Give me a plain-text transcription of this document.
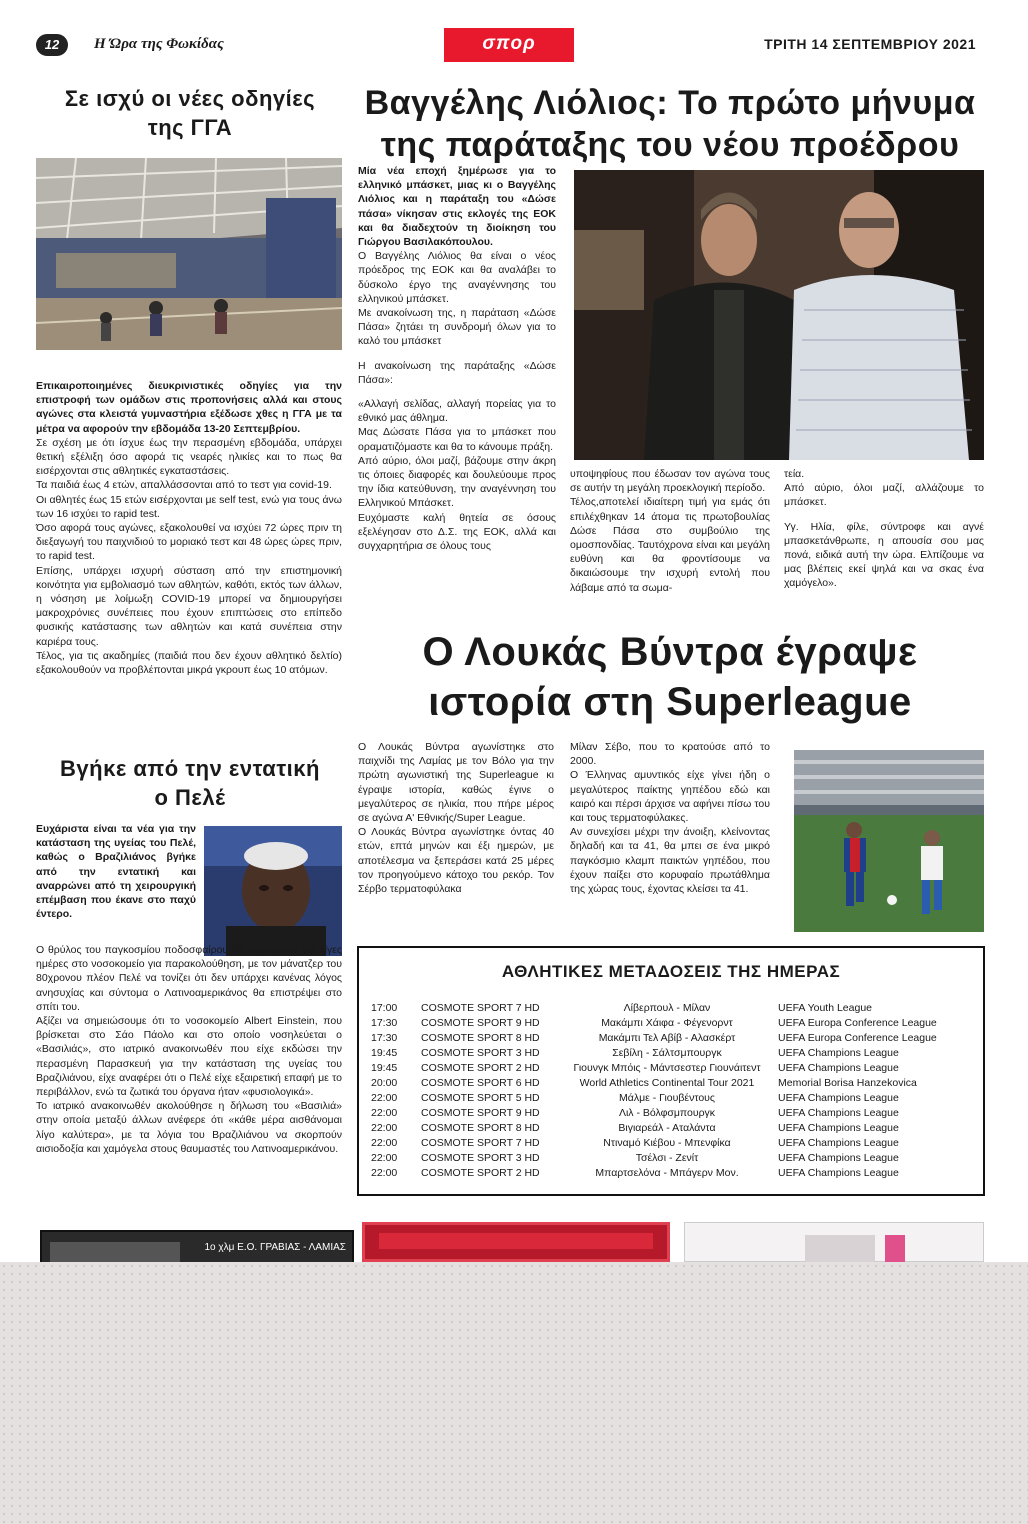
12	Η Ώρα της Φωκίδας	σπορ	ΤΡΙΤΗ 14 ΣΕΠΤΕΜΒΡΙΟΥ 2021
Σε ισχύ οι νέες οδηγίες
της ΓΓΑ

Επικαιροποιημένες διευκρινιστικές οδηγίες για την επιστροφή των ομάδων στις προπονήσεις αλλά και στους αγώνες στα κλειστά γυμναστήρια εξέδωσε χθες η ΓΓΑ με τα μέτρα να αφορούν την εβδομάδα 13-20 Σεπτεμβρίου.

Σε σχέση με ότι ίσχυε έως την περασμένη εβδομάδα, υπάρχει θετική εξέλιξη όσο αφορά τις νεαρές ηλικίες και το πως θα εισέρχονται στις αθλητικές εγκαταστάσεις.

Τα παιδιά έως 4 ετών, απαλλάσσονται από το τεστ για covid-19.

Οι αθλητές έως 15 ετών εισέρχονται με self test, ενώ για τους άνω των 16 ισχύει το rapid test.

Όσο αφορά τους αγώνες, εξακολουθεί να ισχύει 72 ώρες πριν τη διεξαγωγή του παιχνιδιού το μοριακό τεστ και 48 ώρες ώρες πριν, το rapid test.

Επίσης, υπάρχει ισχυρή σύσταση από την επιστημονική κοινότητα για εμβολιασμό των αθλητών, καθότι, εκτός των άλλων, η νόσηση με λοίμωξη COVID-19 μπορεί να δημιουργήσει μακροχρόνιες συνέπειες που έχουν επιπτώσεις στο επίπεδο φυσικής κατάστασης των αθλητών και κατά συνέπεια στην καριέρα τους.

Τέλος, για τις ακαδημίες (παιδιά που δεν έχουν αθλητικό δελτίο) εξακολουθούν να προβλέπονται μικρά γκρουπ έως 10 ατόμων.

Βγήκε από την εντατική
ο Πελέ

Ευχάριστα είναι τα νέα για την κατάσταση της υγείας του Πελέ, καθώς ο Βραζιλιάνος βγήκε από την εντατική και αναρρώνει από τη χειρουργική επέμβαση που έκανε στο παχύ έντερο.

Ο θρύλος του παγκοσμίου ποδοσφαίρου θα παραμείνει για λίγες ημέρες στο νοσοκομείο για παρακολούθηση, με τον μάνατζερ του 80χρονου πλέον Πελέ να τονίζει ότι δεν υπάρχει κανένας λόγος ανησυχίας και σύντομα ο Λατινοαμερικάνος θα επιστρέψει στο σπίτι του.

Αξίζει να σημειώσουμε ότι το νοσοκομείο Albert Einstein, που βρίσκεται στο Σάο Πάολο και στο οποίο νοσηλεύεται ο «Βασιλιάς», στο ιατρικό ανακοινωθέν που είχε εκδώσει την περασμένη Παρασκευή για την κατάσταση της υγείας του Βραζιλιάνου, είχε αναφέρει ότι ο Πελέ είχε εξαιρετική επαφή με το περιβάλλον, ενώ τα ζωτικά του όργανα ήταν «φυσιολογικά».

Το ιατρικό ανακοινωθέν ακολούθησε η δήλωση του «Βασιλιά» στην οποία μεταξύ άλλων ανέφερε ότι «κάθε μέρα αισθάνομαι λίγο καλύτερα», με τα λόγια του Βραζιλιάνου να σκορπούν αισιοδοξία και χαμόγελα στους θαυμαστές του Λατινοαμερικάνου.

Βαγγέλης Λιόλιος: Το πρώτο μήνυμα
της παράταξης του νέου προέδρου

Μία νέα εποχή ξημέρωσε για το ελληνικό μπάσκετ, μιας κι ο Βαγγέλης Λιόλιος και η παράταξη του «Δώσε πάσα» νίκησαν στις εκλογές της ΕΟΚ και θα διαδεχτούν τη διοίκηση του Γιώργου Βασιλακόπουλου.

Ο Βαγγέλης Λιόλιος θα είναι ο νέος πρόεδρος της ΕΟΚ και θα αναλάβει το δύσκολο έργο της αναγέννησης του ελληνικού μπάσκετ.

Με ανακοίνωση της, η παράταση «Δώσε Πάσα» ζητάει τη συνδρομή όλων για το καλό του μπάσκετ

Η ανακοίνωση της παράταξης «Δώσε Πάσα»:

«Αλλαγή σελίδας, αλλαγή πορείας για το εθνικό μας άθλημα.

Μας Δώσατε Πάσα για το μπάσκετ που οραματιζόμαστε και θα το κάνουμε πράξη.

Από αύριο, όλοι μαζί, βάζουμε στην άκρη τις όποιες διαφορές και δουλεύουμε προς την ίδια κατεύθυνση, την αναγέννηση του Ελληνικού Μπάσκετ.

Ευχόμαστε καλή θητεία σε όσους εξελέγησαν στο Δ.Σ. της ΕΟΚ, αλλά και συγχαρητήρια σε όλους τους

υποψηφίους που έδωσαν τον αγώνα τους σε αυτήν τη μεγάλη προεκλογική περίοδο.

Τέλος,αποτελεί ιδιαίτερη τιμή για εμάς ότι επιλέχθηκαν 14 άτομα τις πρωτοβουλίας Δώσε Πάσα στο συμβούλιο της ομοσπονδίας. Ταυτόχρονα είναι και μεγάλη ευθύνη και θα φροντίσουμε να δικαιώσουμε την ισχυρή εντολή που λάβαμε από τα σωμα-

τεία.

Από αύριο, όλοι μαζί, αλλάζουμε το μπάσκετ.

Υγ. Ηλία, φίλε, σύντροφε και αγνέ μπασκετάνθρωπε, η απουσία σου μας πονά, ειδικά αυτή την ώρα. Ελπίζουμε να μας βλέπεις εκεί ψηλά και να σκας ένα χαμόγελο».

Ο Λουκάς Βύντρα έγραψε
ιστορία στη Superleague

Ο Λουκάς Βύντρα αγωνίστηκε στο παιχνίδι της Λαμίας με τον Βόλο για την πρώτη αγωνιστική της Superleague κι έγραψε ιστορία, καθώς έγινε ο μεγαλύτερος σε ηλικία, που πήρε μέρος σε αγώνα Α' Εθνικής/Super League.

Ο Λουκάς Βύντρα αγωνίστηκε όντας 40 ετών, επτά μηνών και έξι ημερών, με αποτέλεσμα να ξεπεράσει κατά 25 μέρες τον προηγούμενο κάτοχο του ρεκόρ. Τον Σέρβο τερματοφύλακα

Μίλαν Σέβο, που το κρατούσε από το 2000.

Ο Έλληνας αμυντικός είχε γίνει ήδη ο μεγαλύτερος παίκτης γηπέδου εδώ και καιρό και πέρσι άρχισε να αφήνει πίσω του και τους τερματοφύλακες.

Αν συνεχίσει μέχρι την άνοιξη, κλείνοντας δηλαδή και τα 41, θα μπει σε ένα μικρό παγκόσμιο κλαμπ παικτών γηπέδου, που έχουν παίξει στο κορυφαίο πρωτάθλημα της χώρας τους, έχοντας κλείσει τα 41.

ΑΘΛΗΤΙΚΕΣ ΜΕΤΑΔΟΣΕΙΣ ΤΗΣ ΗΜΕΡΑΣ
17:00 COSMOTE SPORT 7 HD	Λίβερπουλ - Μίλαν	UEFA Youth League
17:30 COSMOTE SPORT 9 HD	Μακάμπι Χάιφα - Φέγενορντ	UEFA Europa Conference League
17:30 COSMOTE SPORT 8 HD	Μακάμπι Τελ Αβίβ - Αλασκέρτ	UEFA Europa Conference League
19:45 COSMOTE SPORT 3 HD	Σεβίλη - Σάλτσμπουργκ	UEFA Champions League
19:45 COSMOTE SPORT 2 HD	Γιουνγκ Μπόις - Μάντσεστερ Γιουνάιτεντ	UEFA Champions League
20:00 COSMOTE SPORT 6 HD	World Athletics Continental Tour 2021	Memorial Borisa Hanzekovica
22:00 COSMOTE SPORT 5 HD	Μάλμε - Γιουβέντους	UEFA Champions League
22:00 COSMOTE SPORT 9 HD	Λιλ - Βόλφσμπουργκ	UEFA Champions League
22:00 COSMOTE SPORT 8 HD	Βιγιαρεάλ - Αταλάντα	UEFA Champions League
22:00 COSMOTE SPORT 7 HD	Ντιναμό Κιέβου - Μπενφίκα	UEFA Champions League
22:00 COSMOTE SPORT 3 HD	Τσέλσι - Ζενίτ	UEFA Champions League
22:00 COSMOTE SPORT 2 HD	Μπαρτσελόνα - Μπάγερν Μον.	UEFA Champions League
1ο χλμ Ε.Ο. ΓΡΑΒΙΑΣ - ΛΑΜΙΑΣ
